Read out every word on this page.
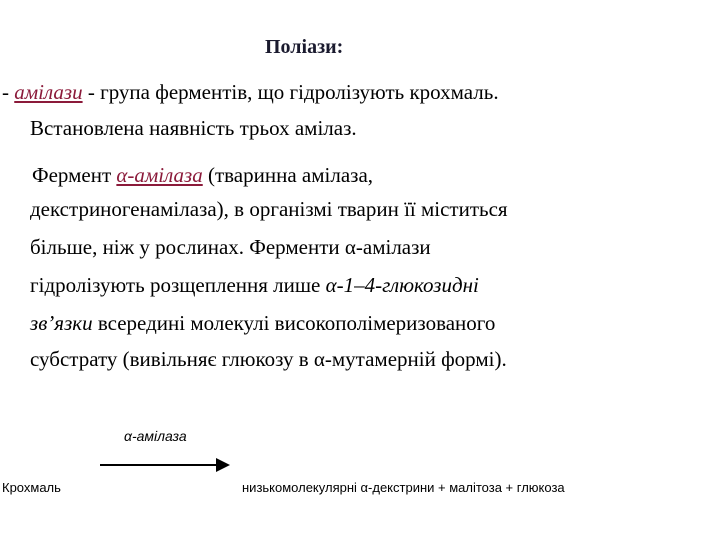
Поліази:
- амілази - група ферментів, що гідролізують крохмаль.
Встановлена наявність трьох амілаз.
Фермент α-амілаза (тваринна амілаза,
декстриногенамілаза), в організмі тварин її міститься
більше, ніж у рослинах. Ферменти α-амілази
гідролізують розщеплення лише α-1–4-глюкозидні
зв’язки всередині молекулі високополімеризованого
субстрату (вивільняє глюкозу в α-мутамерній формі).
α-амілаза
Крохмаль	низькомолекулярні α-декстрини + малітоза + глюкоза
